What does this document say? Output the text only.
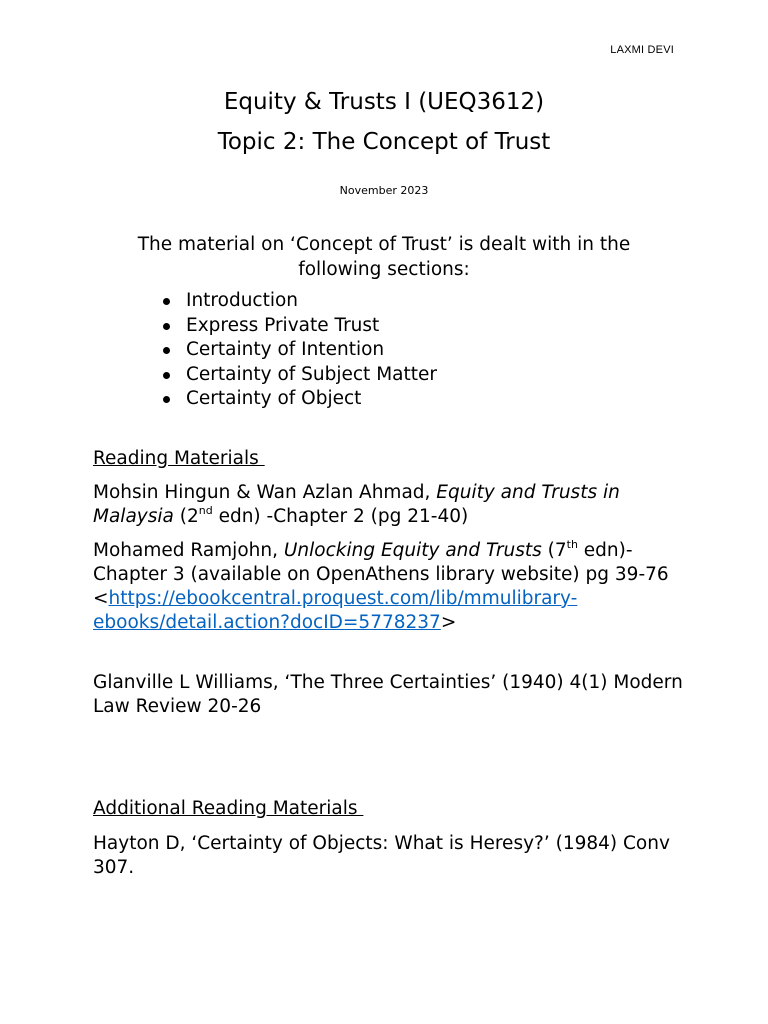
LAXMI DEVI
Equity & Trusts I (UEQ3612)
Topic 2: The Concept of Trust
November 2023
The material on ‘Concept of Trust’ is dealt with in the following sections:
Introduction
Express Private Trust
Certainty of Intention
Certainty of Subject Matter
Certainty of Object
Reading Materials
Mohsin Hingun & Wan Azlan Ahmad, Equity and Trusts in Malaysia (2nd edn) -Chapter 2 (pg 21-40)
Mohamed Ramjohn, Unlocking Equity and Trusts (7th edn)- Chapter 3 (available on OpenAthens library website) pg 39-76 <https://ebookcentral.proquest.com/lib/mmulibrary-ebooks/detail.action?docID=5778237>
Glanville L Williams, ‘The Three Certainties’ (1940) 4(1) Modern Law Review 20-26
Additional Reading Materials
Hayton D, ‘Certainty of Objects: What is Heresy?’ (1984) Conv 307.
